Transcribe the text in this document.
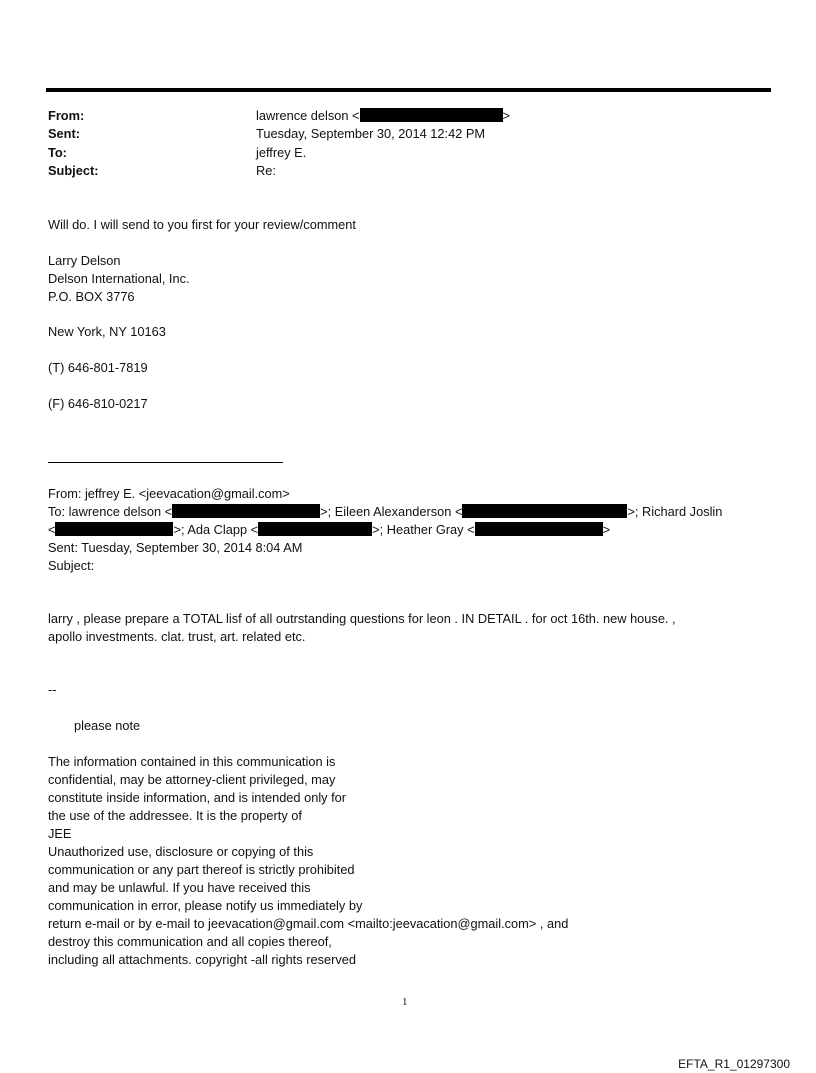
From:	lawrence delson <	>
Sent:	Tuesday, September 30, 2014 12:42 PM
To:	jeffrey E.
Subject:	Re:
Will do. I will send to you first for your review/comment
Larry Delson
Delson International, Inc.
P.O. BOX 3776
New York, NY 10163
(T) 646-801-7819
(F) 646-810-0217
From: jeffrey E. <jeevacation@gmail.com>
To: lawrence delson <	>; Eileen Alexanderson <	>; Richard Joslin
<	>; Ada Clapp <	>; Heather Gray <	>
Sent: Tuesday, September 30, 2014 8:04 AM
Subject:
larry , please prepare a TOTAL lisf of all outrstanding questions for leon . IN DETAIL . for oct 16th. new house. ,
apollo investments. clat. trust, art. related etc.
--
please note
The information contained in this communication is
confidential, may be attorney-client privileged, may
constitute inside information, and is intended only for
the use of the addressee. It is the property of
JEE
Unauthorized use, disclosure or copying of this
communication or any part thereof is strictly prohibited
and may be unlawful. If you have received this
communication in error, please notify us immediately by
return e-mail or by e-mail to jeevacation@gmail.com <mailto:jeevacation@gmail.com> , and
destroy this communication and all copies thereof,
including all attachments. copyright -all rights reserved
1
EFTA_R1_01297300
